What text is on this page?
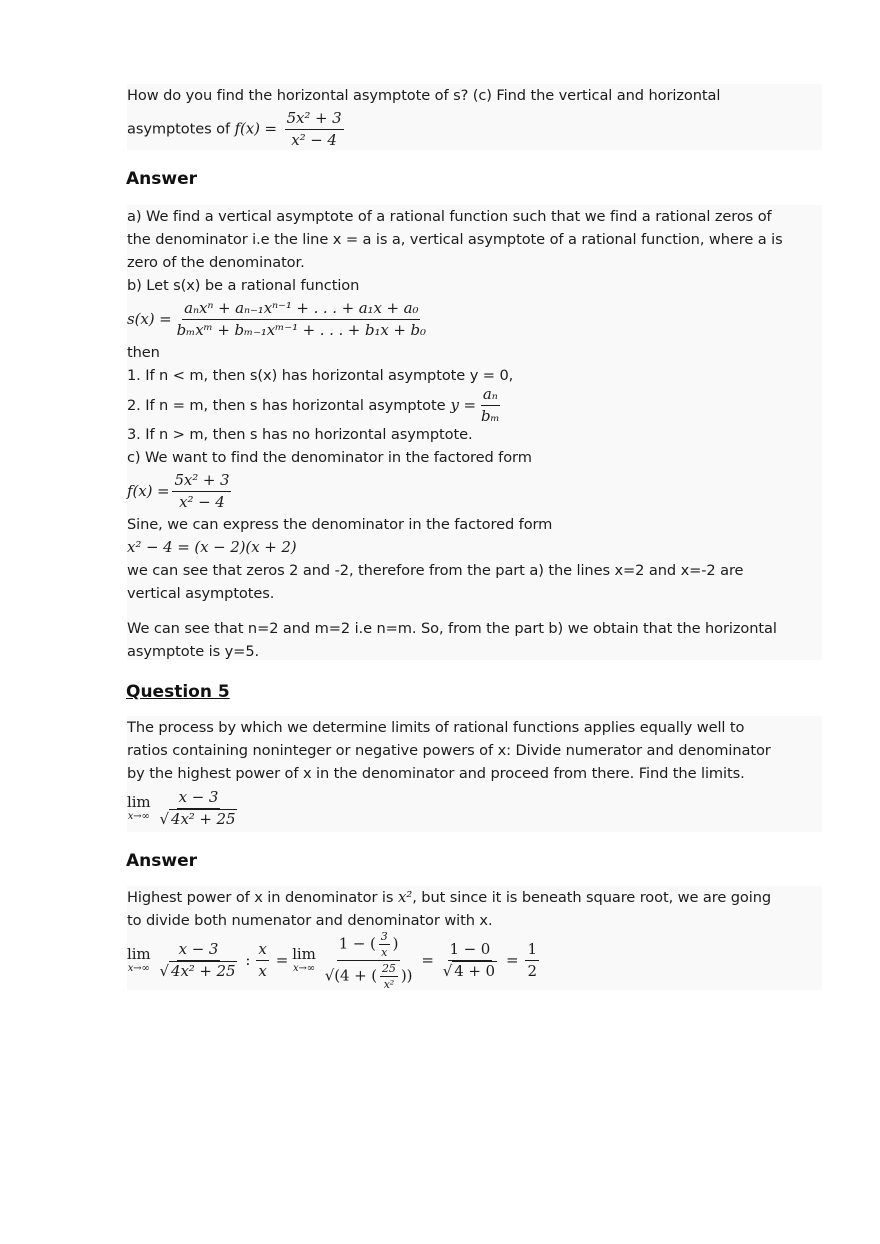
How do you find the horizontal asymptote of s? (c) Find the vertical and horizontal
asymptotes of $f(x) = \frac{\text{5x² + 3}}{\text{x² − 4}}$
Answer
a) We find a vertical asymptote of a rational function such that we find a rational zeros of
the denominator i.e the line x = a is a, vertical asymptote of a rational function, where a is
zero of the denominator.
b) Let s(x) be a rational function
$s(x) = \frac{\text{aₙxⁿ + aₙ₋₁xⁿ⁻¹ + . . . + a₁x + a₀}}{\text{bₘxᵐ + bₘ₋₁xᵐ⁻¹ + . . . + b₁x + b₀}}$
then
1. If n < m, then s(x) has horizontal asymptote y = 0,
2. If n = m, then s has horizontal asymptote $y = \frac{\text{aₙ}}{\text{bₘ}}$
3. If n > m, then s has no horizontal asymptote.
c) We want to find the denominator in the factored form
$f(x) = \frac{\text{5x² + 3}}{\text{x² − 4}}$
Sine, we can express the denominator in the factored form
x² − 4 = (x − 2)(x + 2)
we can see that zeros 2 and -2, therefore from the part a) the lines x=2 and x=-2 are
vertical asymptotes.
We can see that n=2 and m=2 i.e n=m. So, from the part b) we obtain that the horizontal
asymptote is y=5.
Question 5
The process by which we determine limits of rational functions applies equally well to
ratios containing noninteger or negative powers of x: Divide numerator and denominator
by the highest power of x in the denominator and proceed from there. Find the limits.
lim
$x\to\infty \frac{x - 3}{\text{√ 4x² + 25}}$
Answer
Highest power of x in denominator is x², but since it is beneath square root, we are going
to divide both numenator and denominator with x.
lim
$x\to\infty \frac{x - 3}{\text{√ 4x² + 25}}$ : $\frac{x}{x} = \lim$
$x\to\infty \frac{1 - ( \frac{3}{x} )}{√(4 + ( \frac{25}{\text{x²}} ))} = \frac{1 - 0}{√ 4 + 0} = \frac{1}{2}$
